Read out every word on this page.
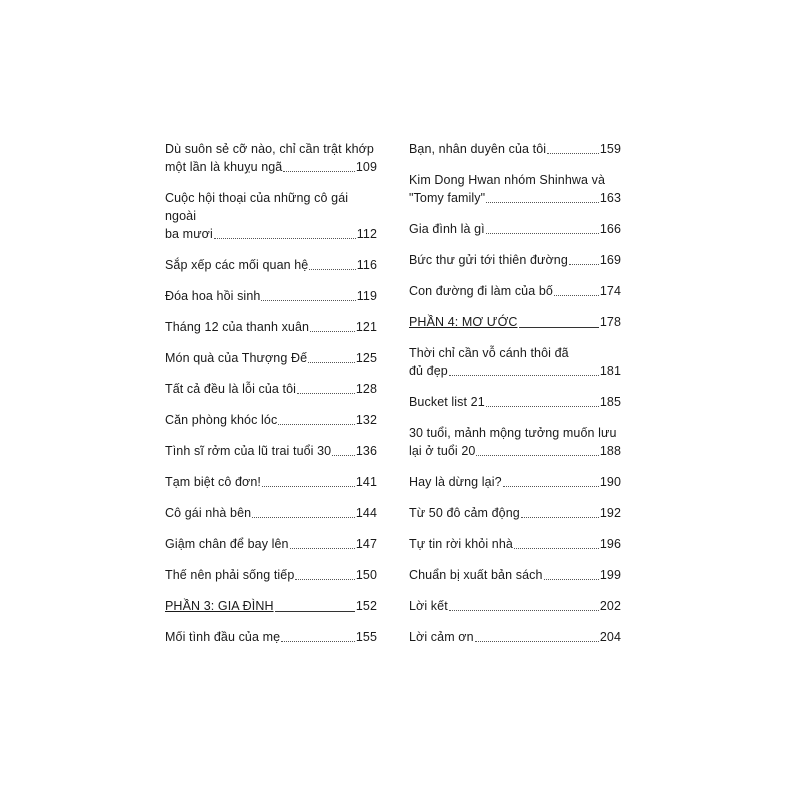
Dù suôn sẻ cỡ nào, chỉ cần trật khớp
một lần là khuỵu ngã	109
Cuộc hội thoại của những cô gái ngoài
ba mươi	112
Sắp xếp các mối quan hệ	116
Đóa hoa hồi sinh	119
Tháng 12 của thanh xuân	121
Món quà của Thượng Đế	125
Tất cả đều là lỗi của tôi	128
Căn phòng khóc lóc	132
Tình sĩ rởm của lũ trai tuổi 30 136
Tạm biệt cô đơn!	141
Cô gái nhà bên	144
Giậm chân để bay lên	147
Thế nên phải sống tiếp	150
PHẦN 3: GIA ĐÌNH	152
Mối tình đầu của mẹ	155
Bạn, nhân duyên của tôi	159
Kim Dong Hwan nhóm Shinhwa và
"Tomy family"	163
Gia đình là gì	166
Bức thư gửi tới thiên đường	169
Con đường đi làm của bố	174
PHẦN 4: MƠ ƯỚC	178
Thời chỉ cần vỗ cánh thôi đã
đủ đẹp	181
Bucket list 21	185
30 tuổi, mảnh mộng tưởng muốn lưu
lại ở tuổi 20	188
Hay là dừng lại?	190
Từ 50 đô cảm động	192
Tự tin rời khỏi nhà	196
Chuẩn bị xuất bản sách	199
Lời kết	202
Lời cảm ơn	204
